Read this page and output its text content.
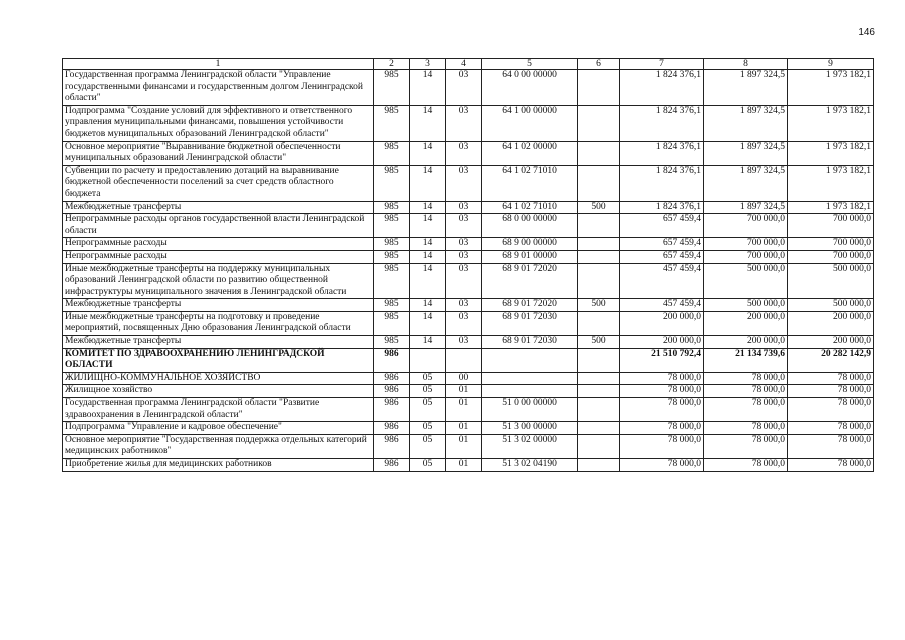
146
1	2	3	4	5	6	7	8	9
Государственная программа Ленинградской области "Управление государственными финансами и государственным долгом Ленинградской области"	985	14	03	64 0 00 00000		1 824 376,1	1 897 324,5	1 973 182,1
Подпрограмма "Создание условий для эффективного и ответственного управления муниципальными финансами, повышения устойчивости бюджетов муниципальных образований Ленинградской области"	985	14	03	64 1 00 00000		1 824 376,1	1 897 324,5	1 973 182,1
Основное мероприятие "Выравнивание бюджетной обеспеченности муниципальных образований Ленинградской области"	985	14	03	64 1 02 00000		1 824 376,1	1 897 324,5	1 973 182,1
Субвенции по расчету и предоставлению дотаций на выравнивание бюджетной обеспеченности поселений за счет средств областного бюджета	985	14	03	64 1 02 71010		1 824 376,1	1 897 324,5	1 973 182,1
Межбюджетные трансферты	985	14	03	64 1 02 71010	500	1 824 376,1	1 897 324,5	1 973 182,1
Непрограммные расходы органов государственной власти Ленинградской области	985	14	03	68 0 00 00000		657 459,4	700 000,0	700 000,0
Непрограммные расходы	985	14	03	68 9 00 00000		657 459,4	700 000,0	700 000,0
Непрограммные расходы	985	14	03	68 9 01 00000		657 459,4	700 000,0	700 000,0
Иные межбюджетные трансферты на поддержку муниципальных образований Ленинградской области по развитию общественной инфраструктуры муниципального значения в Ленинградской области	985	14	03	68 9 01 72020		457 459,4	500 000,0	500 000,0
Межбюджетные трансферты	985	14	03	68 9 01 72020	500	457 459,4	500 000,0	500 000,0
Иные межбюджетные трансферты на подготовку и проведение мероприятий, посвященных Дню образования Ленинградской области	985	14	03	68 9 01 72030		200 000,0	200 000,0	200 000,0
Межбюджетные трансферты	985	14	03	68 9 01 72030	500	200 000,0	200 000,0	200 000,0
КОМИТЕТ ПО ЗДРАВООХРАНЕНИЮ ЛЕНИНГРАДСКОЙ ОБЛАСТИ	986					21 510 792,4	21 134 739,6	20 282 142,9
ЖИЛИЩНО-КОММУНАЛЬНОЕ ХОЗЯЙСТВО	986	05	00			78 000,0	78 000,0	78 000,0
Жилищное хозяйство	986	05	01			78 000,0	78 000,0	78 000,0
Государственная программа Ленинградской области "Развитие здравоохранения в Ленинградской области"	986	05	01	51 0 00 00000		78 000,0	78 000,0	78 000,0
Подпрограмма "Управление и кадровое обеспечение"	986	05	01	51 3 00 00000		78 000,0	78 000,0	78 000,0
Основное мероприятие "Государственная поддержка отдельных категорий медицинских работников"	986	05	01	51 3 02 00000		78 000,0	78 000,0	78 000,0
Приобретение жилья для медицинских работников	986	05	01	51 3 02 04190		78 000,0	78 000,0	78 000,0
